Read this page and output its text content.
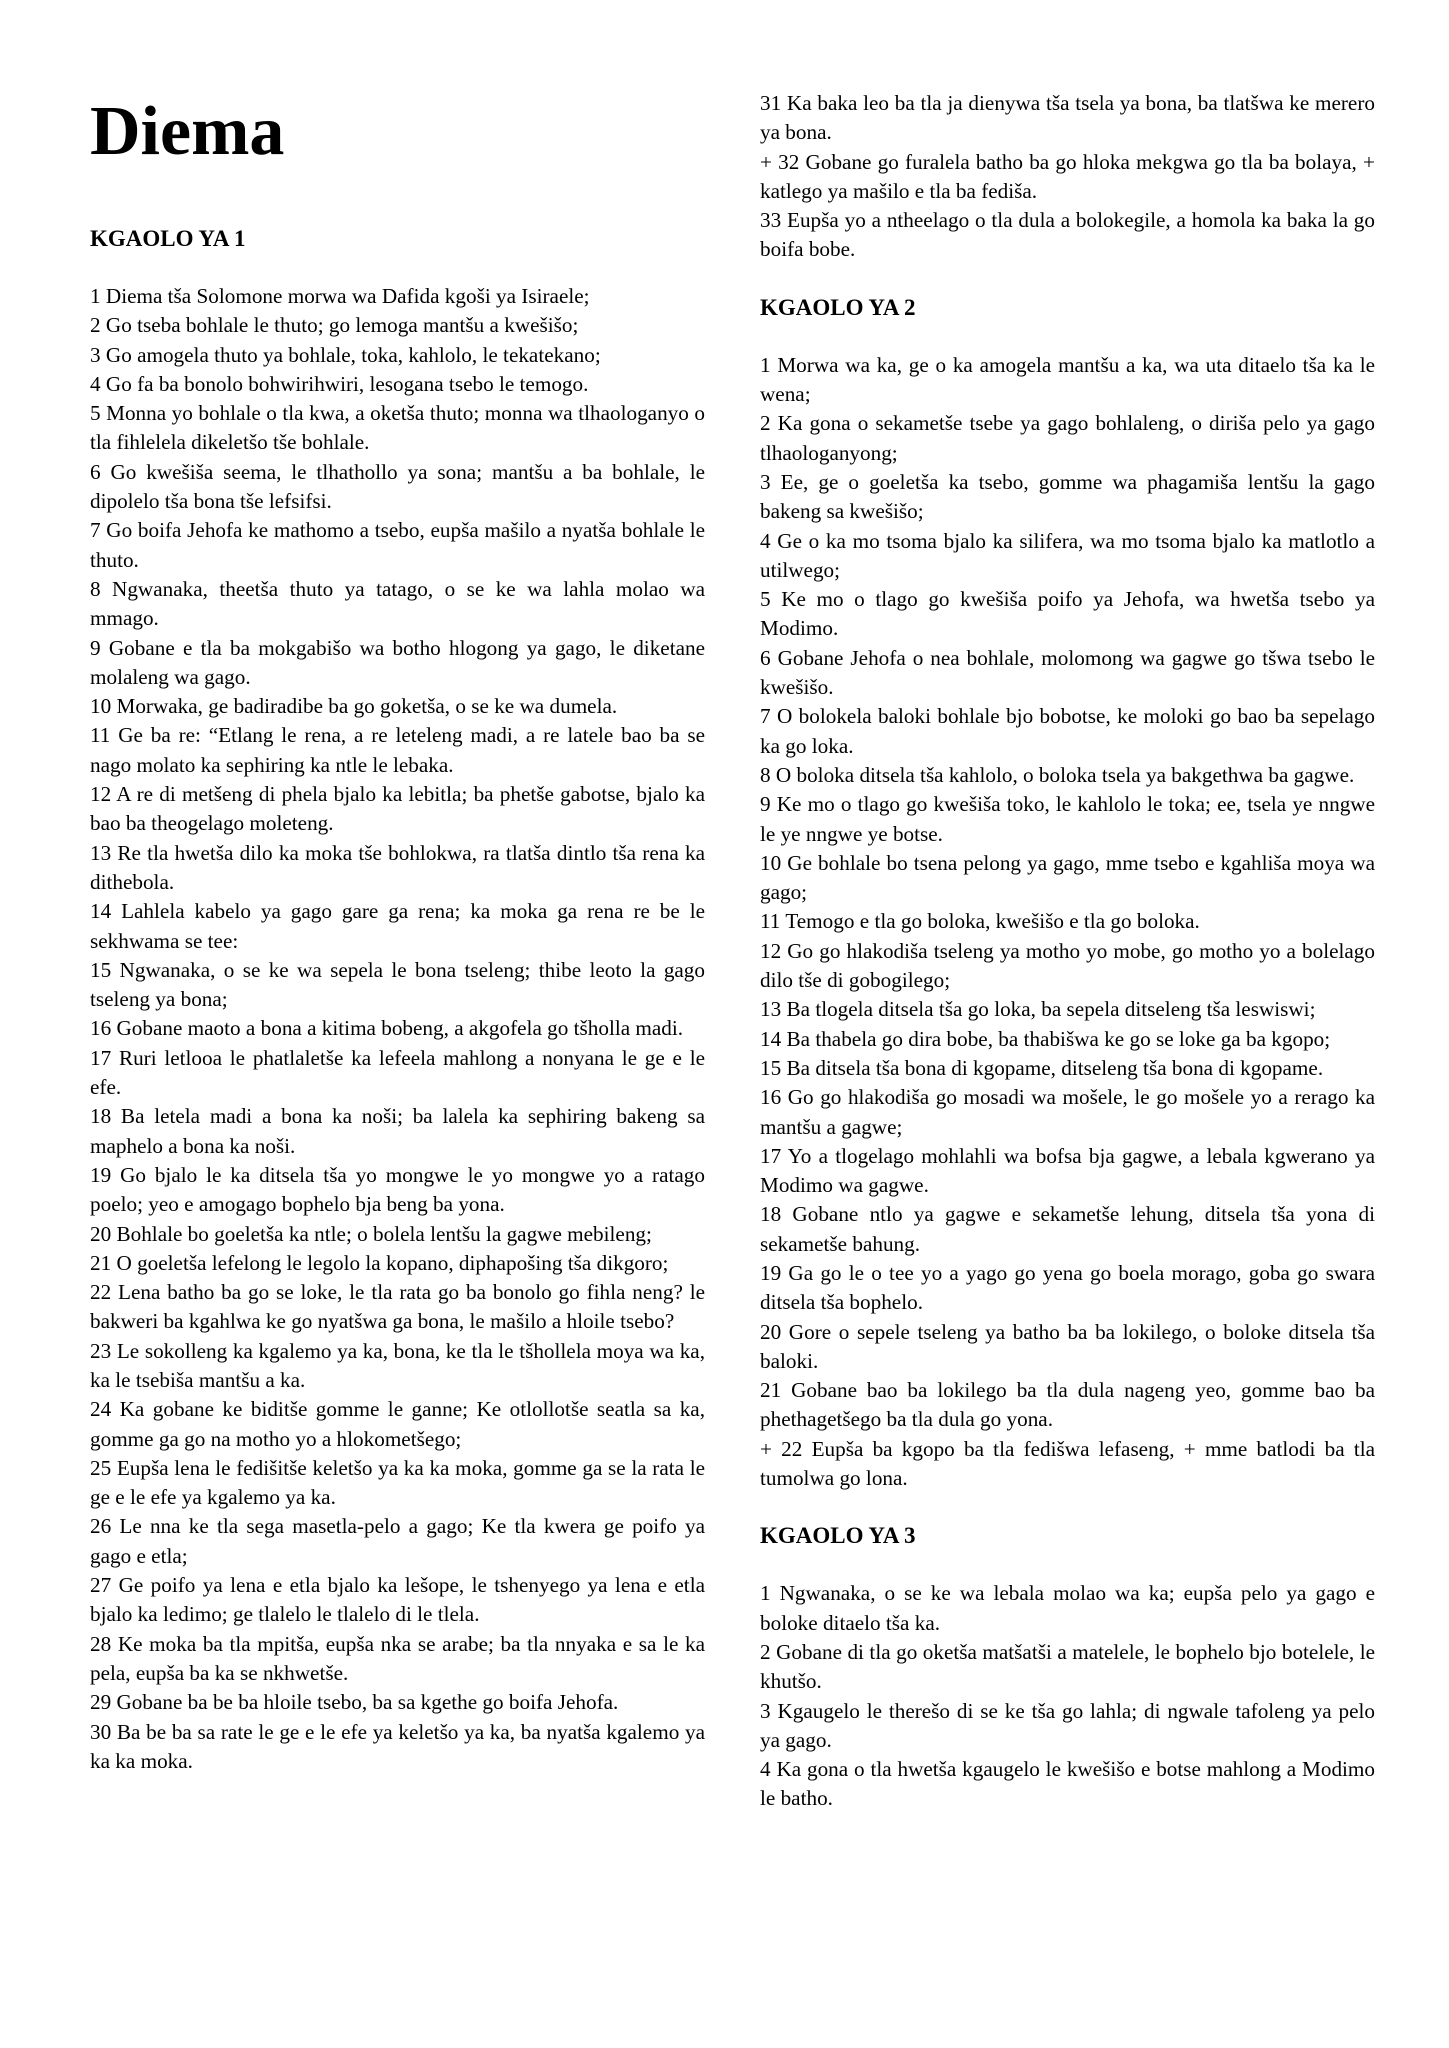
Diema
KGAOLO YA 1

1 Diema tša Solomone morwa wa Dafida kgoši ya Isiraele;

2 Go tseba bohlale le thuto; go lemoga mantšu a kwešišo;

3 Go amogela thuto ya bohlale, toka, kahlolo, le tekatekano;

4 Go fa ba bonolo bohwirihwiri, lesogana tsebo le temogo.

5 Monna yo bohlale o tla kwa, a oketša thuto; monna wa tlhaologanyo o tla fihlelela dikeletšo tše bohlale.

6 Go kwešiša seema, le tlhathollo ya sona; mantšu a ba bohlale, le dipolelo tša bona tše lefsifsi.

7 Go boifa Jehofa ke mathomo a tsebo, eupša mašilo a nyatša bohlale le thuto.

8 Ngwanaka, theetša thuto ya tatago, o se ke wa lahla molao wa mmago.

9 Gobane e tla ba mokgabišo wa botho hlogong ya gago, le diketane molaleng wa gago.

10 Morwaka, ge badiradibe ba go goketša, o se ke wa dumela.

11 Ge ba re: “Etlang le rena, a re leteleng madi, a re latele bao ba se nago molato ka sephiring ka ntle le lebaka.

12 A re di metšeng di phela bjalo ka lebitla; ba phetše gabotse, bjalo ka bao ba theogelago moleteng.

13 Re tla hwetša dilo ka moka tše bohlokwa, ra tlatša dintlo tša rena ka dithebola.

14 Lahlela kabelo ya gago gare ga rena; ka moka ga rena re be le sekhwama se tee:

15 Ngwanaka, o se ke wa sepela le bona tseleng; thibe leoto la gago tseleng ya bona;

16 Gobane maoto a bona a kitima bobeng, a akgofela go tšholla madi.

17 Ruri letlooa le phatlaletše ka lefeela mahlong a nonyana le ge e le efe.

18 Ba letela madi a bona ka noši; ba lalela ka sephiring bakeng sa maphelo a bona ka noši.

19 Go bjalo le ka ditsela tša yo mongwe le yo mongwe yo a ratago poelo; yeo e amogago bophelo bja beng ba yona.

20 Bohlale bo goeletša ka ntle; o bolela lentšu la gagwe mebileng;

21 O goeletša lefelong le legolo la kopano, diphapošing tša dikgoro;

22 Lena batho ba go se loke, le tla rata go ba bonolo go fihla neng? le bakweri ba kgahlwa ke go nyatšwa ga bona, le mašilo a hloile tsebo?

23 Le sokolleng ka kgalemo ya ka, bona, ke tla le tšhollela moya wa ka, ka le tsebiša mantšu a ka.

24 Ka gobane ke biditše gomme le ganne; Ke otlollotše seatla sa ka, gomme ga go na motho yo a hlokometšego;

25 Eupša lena le fedišitše keletšo ya ka ka moka, gomme ga se la rata le ge e le efe ya kgalemo ya ka.

26 Le nna ke tla sega masetla-pelo a gago; Ke tla kwera ge poifo ya gago e etla;

27 Ge poifo ya lena e etla bjalo ka lešope, le tshenyego ya lena e etla bjalo ka ledimo; ge tlalelo le tlalelo di le tlela.

28 Ke moka ba tla mpitša, eupša nka se arabe; ba tla nnyaka e sa le ka pela, eupša ba ka se nkhwetše.

29 Gobane ba be ba hloile tsebo, ba sa kgethe go boifa Jehofa.

30 Ba be ba sa rate le ge e le efe ya keletšo ya ka, ba nyatša kgalemo ya ka ka moka.

31 Ka baka leo ba tla ja dienywa tša tsela ya bona, ba tlatšwa ke merero ya bona.

+ 32 Gobane go furalela batho ba go hloka mekgwa go tla ba bolaya, + katlego ya mašilo e tla ba fediša.

33 Eupša yo a ntheelago o tla dula a bolokegile, a homola ka baka la go boifa bobe.

KGAOLO YA 2

1 Morwa wa ka, ge o ka amogela mantšu a ka, wa uta ditaelo tša ka le wena;

2 Ka gona o sekametše tsebe ya gago bohlaleng, o diriša pelo ya gago tlhaologanyong;

3 Ee, ge o goeletša ka tsebo, gomme wa phagamiša lentšu la gago bakeng sa kwešišo;

4 Ge o ka mo tsoma bjalo ka silifera, wa mo tsoma bjalo ka matlotlo a utilwego;

5 Ke mo o tlago go kwešiša poifo ya Jehofa, wa hwetša tsebo ya Modimo.

6 Gobane Jehofa o nea bohlale, molomong wa gagwe go tšwa tsebo le kwešišo.

7 O bolokela baloki bohlale bjo bobotse, ke moloki go bao ba sepelago ka go loka.

8 O boloka ditsela tša kahlolo, o boloka tsela ya bakgethwa ba gagwe.

9 Ke mo o tlago go kwešiša toko, le kahlolo le toka; ee, tsela ye nngwe le ye nngwe ye botse.

10 Ge bohlale bo tsena pelong ya gago, mme tsebo e kgahliša moya wa gago;

11 Temogo e tla go boloka, kwešišo e tla go boloka.

12 Go go hlakodiša tseleng ya motho yo mobe, go motho yo a bolelago dilo tše di gobogilego;

13 Ba tlogela ditsela tša go loka, ba sepela ditseleng tša leswiswi;

14 Ba thabela go dira bobe, ba thabišwa ke go se loke ga ba kgopo;

15 Ba ditsela tša bona di kgopame, ditseleng tša bona di kgopame.

16 Go go hlakodiša go mosadi wa mošele, le go mošele yo a rerago ka mantšu a gagwe;

17 Yo a tlogelago mohlahli wa bofsa bja gagwe, a lebala kgwerano ya Modimo wa gagwe.

18 Gobane ntlo ya gagwe e sekametše lehung, ditsela tša yona di sekametše bahung.

19 Ga go le o tee yo a yago go yena go boela morago, goba go swara ditsela tša bophelo.

20 Gore o sepele tseleng ya batho ba ba lokilego, o boloke ditsela tša baloki.

21 Gobane bao ba lokilego ba tla dula nageng yeo, gomme bao ba phethagetšego ba tla dula go yona.

+ 22 Eupša ba kgopo ba tla fedišwa lefaseng, + mme batlodi ba tla tumolwa go lona.

KGAOLO YA 3

1 Ngwanaka, o se ke wa lebala molao wa ka; eupša pelo ya gago e boloke ditaelo tša ka.

2 Gobane di tla go oketša matšatši a matelele, le bophelo bjo botelele, le khutšo.

3 Kgaugelo le therešo di se ke tša go lahla; di ngwale tafoleng ya pelo ya gago.

4 Ka gona o tla hwetša kgaugelo le kwešišo e botse mahlong a Modimo le batho.
